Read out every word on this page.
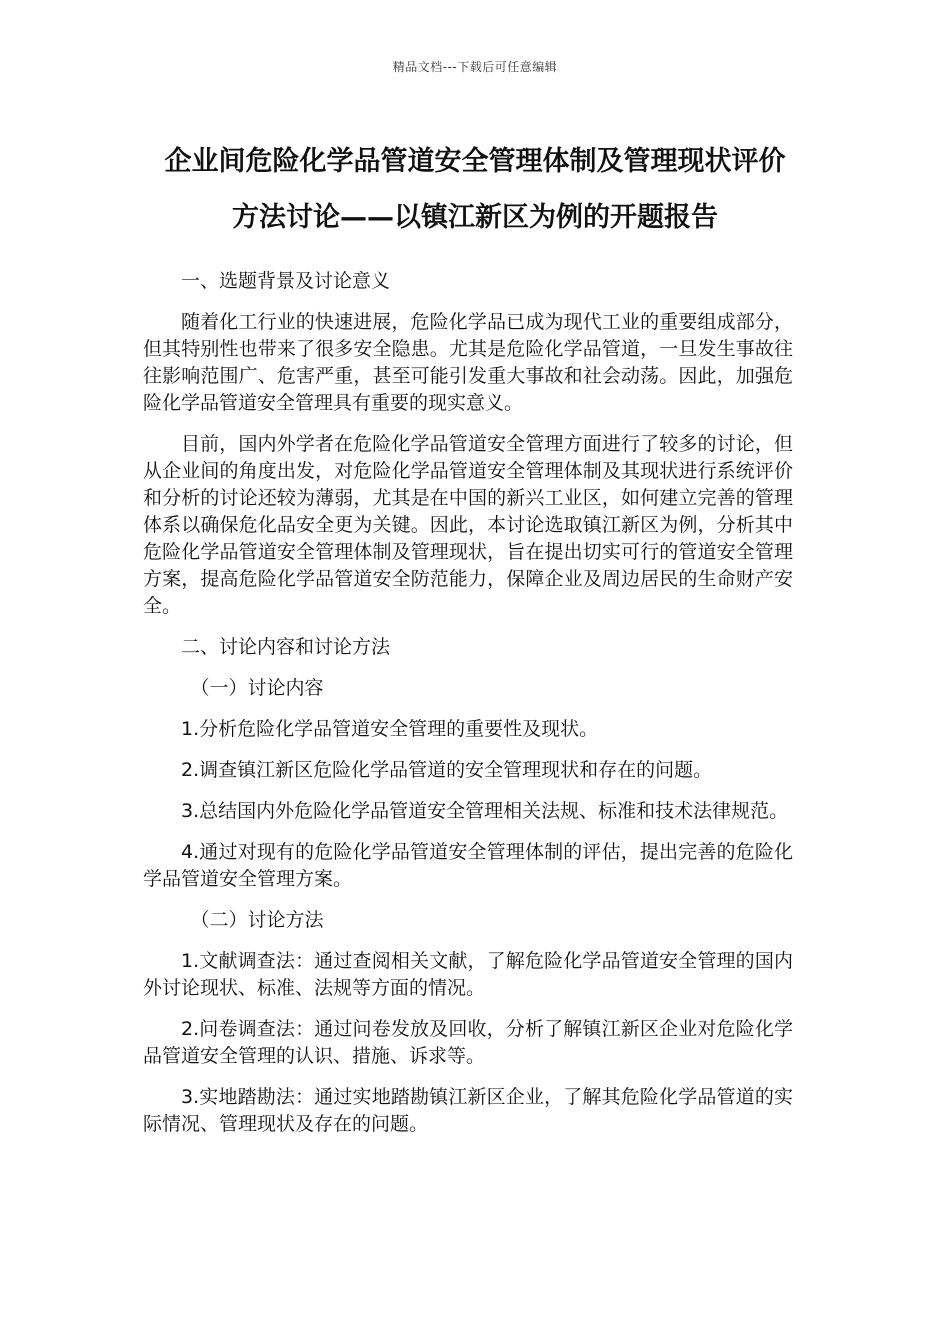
精品文档---下载后可任意编辑
企业间危险化学品管道安全管理体制及管理现状评价
方法讨论——以镇江新区为例的开题报告

一、选题背景及讨论意义

随着化工行业的快速进展，危险化学品已成为现代工业的重要组成部分，但其特别性也带来了很多安全隐患。尤其是危险化学品管道，一旦发生事故往往影响范围广、危害严重，甚至可能引发重大事故和社会动荡。因此，加强危险化学品管道安全管理具有重要的现实意义。

目前，国内外学者在危险化学品管道安全管理方面进行了较多的讨论，但从企业间的角度出发，对危险化学品管道安全管理体制及其现状进行系统评价和分析的讨论还较为薄弱，尤其是在中国的新兴工业区，如何建立完善的管理体系以确保危化品安全更为关键。因此，本讨论选取镇江新区为例，分析其中危险化学品管道安全管理体制及管理现状，旨在提出切实可行的管道安全管理方案，提高危险化学品管道安全防范能力，保障企业及周边居民的生命财产安全。

二、讨论内容和讨论方法

（一）讨论内容

1.分析危险化学品管道安全管理的重要性及现状。

2.调查镇江新区危险化学品管道的安全管理现状和存在的问题。

3.总结国内外危险化学品管道安全管理相关法规、标准和技术法律规范。

4.通过对现有的危险化学品管道安全管理体制的评估，提出完善的危险化学品管道安全管理方案。

（二）讨论方法

1.文献调查法：通过查阅相关文献，了解危险化学品管道安全管理的国内外讨论现状、标准、法规等方面的情况。

2.问卷调查法：通过问卷发放及回收，分析了解镇江新区企业对危险化学品管道安全管理的认识、措施、诉求等。

3.实地踏勘法：通过实地踏勘镇江新区企业，了解其危险化学品管道的实际情况、管理现状及存在的问题。
